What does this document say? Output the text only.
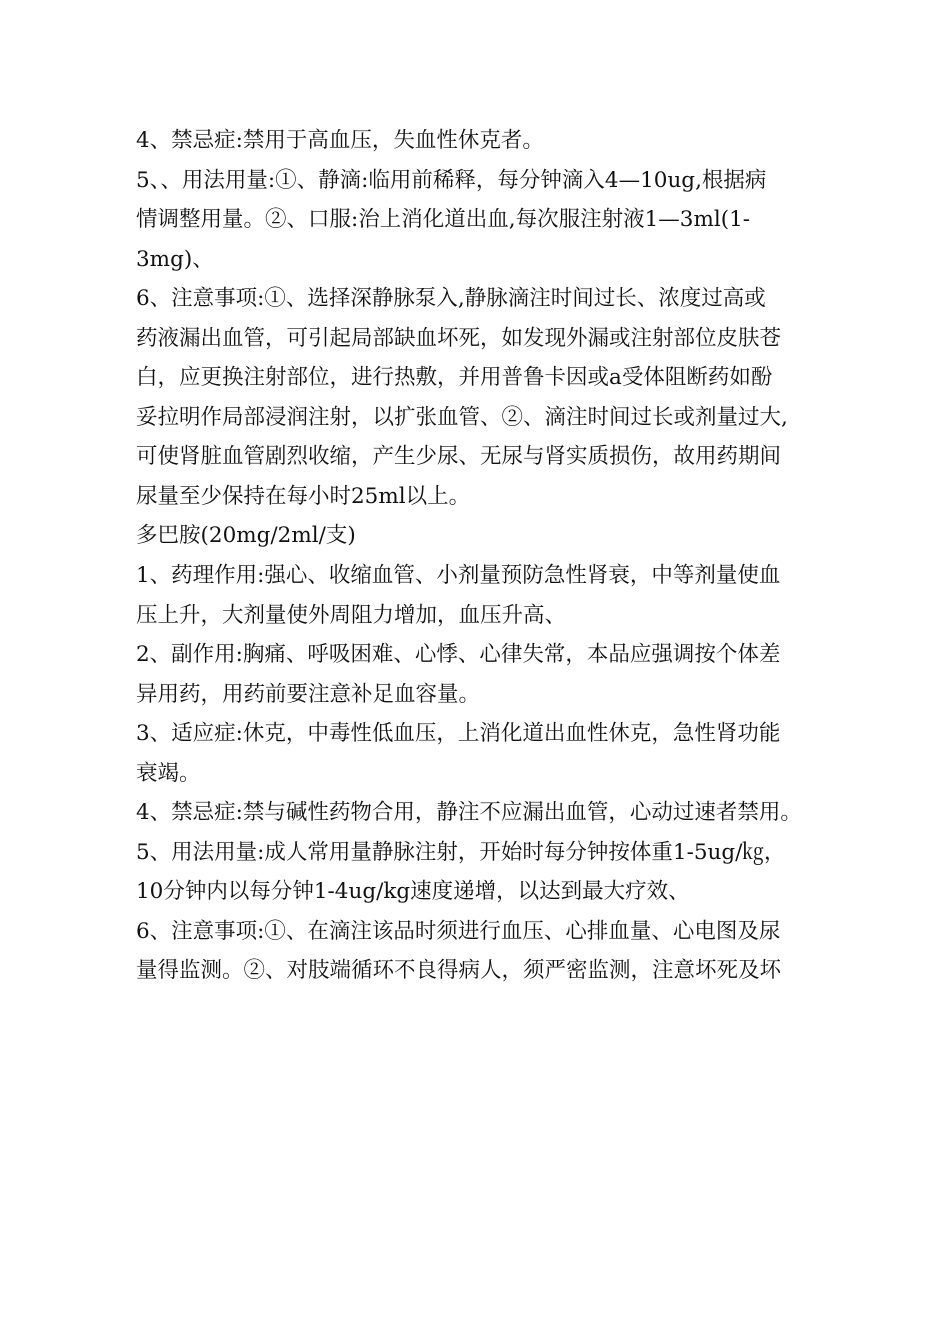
4、禁忌症:禁用于高血压，失血性休克者。
5、、用法用量:①、静滴:临用前稀释，每分钟滴入4—10ug,根据病
情调整用量。②、口服:治上消化道出血,每次服注射液1—3ml(1-
3mg)、
6、注意事项:①、选择深静脉泵入,静脉滴注时间过长、浓度过高或
药液漏出血管，可引起局部缺血坏死，如发现外漏或注射部位皮肤苍
白，应更换注射部位，进行热敷，并用普鲁卡因或a受体阻断药如酚
妥拉明作局部浸润注射，以扩张血管、②、滴注时间过长或剂量过大,
可使肾脏血管剧烈收缩，产生少尿、无尿与肾实质损伤，故用药期间
尿量至少保持在每小时25ml以上。
多巴胺(20mg/2ml/支)
1、药理作用:强心、收缩血管、小剂量预防急性肾衰，中等剂量使血
压上升，大剂量使外周阻力增加，血压升高、
2、副作用:胸痛、呼吸困难、心悸、心律失常，本品应强调按个体差
异用药，用药前要注意补足血容量。
3、适应症:休克，中毒性低血压，上消化道出血性休克，急性肾功能
衰竭。
4、禁忌症:禁与碱性药物合用，静注不应漏出血管，心动过速者禁用。
5、用法用量:成人常用量静脉注射，开始时每分钟按体重1-5ug/㎏，
10分钟内以每分钟1-4ug/kg速度递增，以达到最大疗效、
6、注意事项:①、在滴注该品时须进行血压、心排血量、心电图及尿
量得监测。②、对肢端循环不良得病人，须严密监测，注意坏死及坏
